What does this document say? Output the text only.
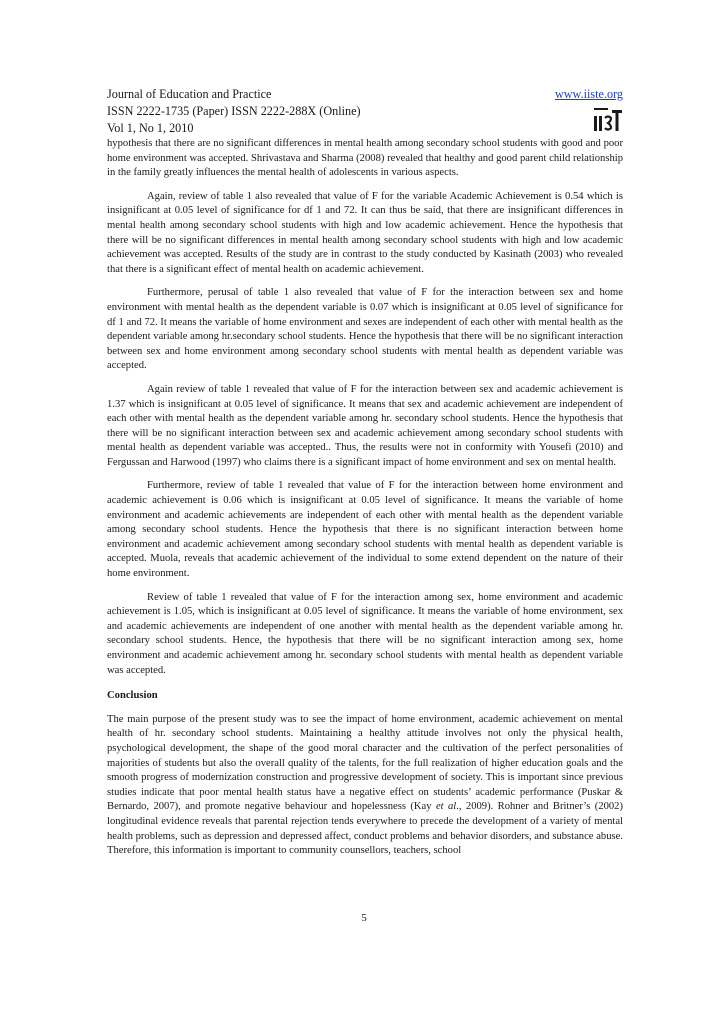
Journal of Education and Practice	www.iiste.org
ISSN 2222-1735 (Paper) ISSN 2222-288X (Online)
Vol 1, No 1, 2010

hypothesis that there are no significant differences in mental health among secondary school students with good and poor home environment was accepted. Shrivastava and Sharma (2008) revealed that healthy and good parent child relationship in the family greatly influences the mental health of adolescents in various aspects.

Again, review of table 1 also revealed that value of F for the variable Academic Achievement is 0.54 which is insignificant at 0.05 level of significance for df 1 and 72. It can thus be said, that there are insignificant differences in mental health among secondary school students with high and low academic achievement. Hence the hypothesis that there will be no significant differences in mental health among secondary school students with high and low academic achievement was accepted. Results of the study are in contrast to the study conducted by Kasinath (2003) who revealed that there is a significant effect of mental health on academic achievement.

Furthermore, perusal of table 1 also revealed that value of F for the interaction between sex and home environment with mental health as the dependent variable is 0.07 which is insignificant at 0.05 level of significance for df 1 and 72. It means the variable of home environment and sexes are independent of each other with mental health as the dependent variable among hr.secondary school students. Hence the hypothesis that there will be no significant interaction between sex and home environment among secondary school students with mental health as dependent variable was accepted.

Again review of table 1 revealed that value of F for the interaction between sex and academic achievement is 1.37 which is insignificant at 0.05 level of significance. It means that sex and academic achievement are independent of each other with mental health as the dependent variable among hr. secondary school students. Hence the hypothesis that there will be no significant interaction between sex and academic achievement among secondary school students with mental health as dependent variable was accepted.. Thus, the results were not in conformity with Yousefi (2010) and Fergussan and Harwood (1997) who claims there is a significant impact of home environment and sex on mental health.

Furthermore, review of table 1 revealed that value of F for the interaction between home environment and academic achievement is 0.06 which is insignificant at 0.05 level of significance. It means the variable of home environment and academic achievements are independent of each other with mental health as the dependent variable among secondary school students. Hence the hypothesis that there is no significant interaction between home environment and academic achievement among secondary school students with mental health as dependent variable is accepted. Muola, reveals that academic achievement of the individual to some extend dependent on the nature of their home environment.

Review of table 1 revealed that value of F for the interaction among sex, home environment and academic achievement is 1.05, which is insignificant at 0.05 level of significance. It means the variable of home environment, sex and academic achievements are independent of one another with mental health as the dependent variable among hr. secondary school students. Hence, the hypothesis that there will be no significant interaction among sex, home environment and academic achievement among hr. secondary school students with mental health as dependent variable was accepted.

Conclusion

The main purpose of the present study was to see the impact of home environment, academic achievement on mental health of hr. secondary school students. Maintaining a healthy attitude involves not only the physical health, psychological development, the shape of the good moral character and the cultivation of the perfect personalities of majorities of students but also the overall quality of the talents, for the full realization of higher education goals and the smooth progress of modernization construction and progressive development of society. This is important since previous studies indicate that poor mental health status have a negative effect on students’ academic performance (Puskar & Bernardo, 2007), and promote negative behaviour and hopelessness (Kay et al., 2009). Rohner and Britner’s (2002) longitudinal evidence reveals that parental rejection tends everywhere to precede the development of a variety of mental health problems, such as depression and depressed affect, conduct problems and behavior disorders, and substance abuse. Therefore, this information is important to community counsellors, teachers, school

5
